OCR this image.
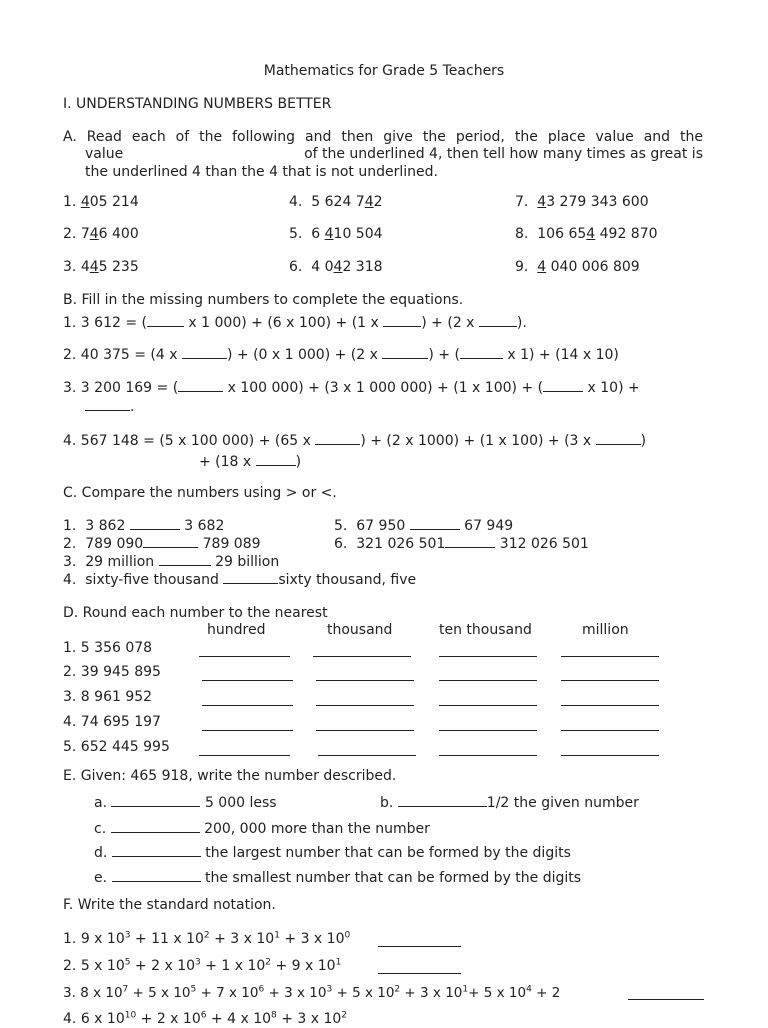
Mathematics for Grade 5 Teachers
I. UNDERSTANDING NUMBERS BETTER
A. Read each of the following and then give the period, the place value and the
value	of the underlined 4, then tell how many times as great is
the underlined 4 than the 4 that is not underlined.
1. 405 214	4. 5 624 742	7. 43 279 343 600
2. 746 400	5. 6 410 504	8. 106 654 492 870
3. 445 235	6. 4 042 318	9. 4 040 006 809
B. Fill in the missing numbers to complete the equations.
1. 3 612 = (	x 1 000) + (6 x 100) + (1 x	) + (2 x	).
2. 40 375 = (4 x	) + (0 x 1 000) + (2 x	) + (	x 1) + (14 x 10)
3. 3 200 169 = (	x 100 000) + (3 x 1 000 000) + (1 x 100) + (	x 10) +
.
4. 567 148 = (5 x 100 000) + (65 x	) + (2 x 1000) + (1 x 100) + (3 x	)
+ (18 x	)
C. Compare the numbers using > or <.
1. 3 862	3 682	5. 67 950	67 949
2. 789 090	789 089	6. 321 026 501	312 026 501
3. 29 million	29 billion
4. sixty-five thousand	sixty thousand, five
D. Round each number to the nearest
hundred	thousand	ten thousand	million
1. 5 356 078
2. 39 945 895
3. 8 961 952
4. 74 695 197
5. 652 445 995
E. Given: 465 918, write the number described.
a.	5 000 less	b.	1/2 the given number
c.	200, 000 more than the number
d.	the largest number that can be formed by the digits
e.	the smallest number that can be formed by the digits
F. Write the standard notation.
1. 9 x $10^3 + 11$ x $10^2 + 3$ x $10^1 + 3$ x $10^0$
2. 5 x $10^5 + 2$ x $10^3 + 1$ x $10^2 + 9$ x $10^1$
3. 8 x $10^7 + 5$ x $10^5 + 7$ x $10^6 + 3$ x $10^3 + 5$ x $10^2 + 3$ x $10^1+ 5$ x $10^4 + 2$
4. 6 x $10^{10} + 2$ x $10^6 + 4$ x $10^8 + 3$ x $10^2$
